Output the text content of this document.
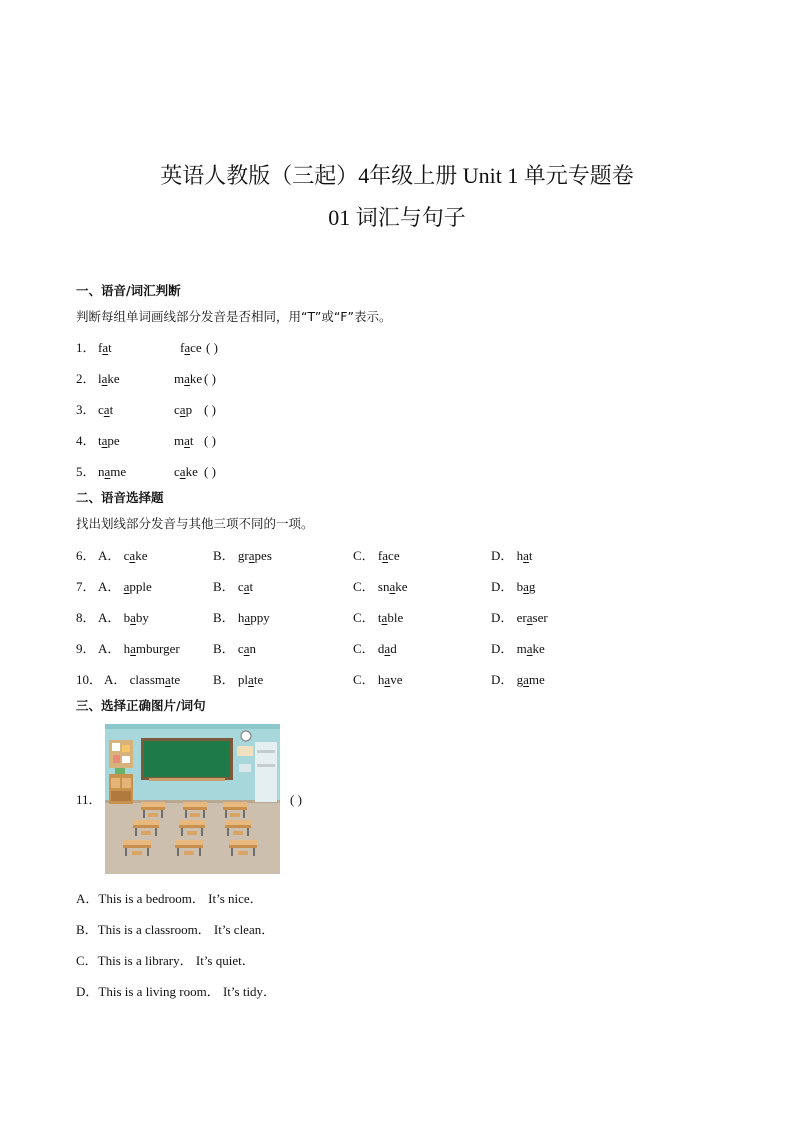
英语人教版（三起）4年级上册 Unit 1 单元专题卷
01 词汇与句子
一、语音/词汇判断
判断每组单词画线部分发音是否相同，用“T”或“F”表示。
1． fat	face ( )
2． lake	make ( )
3． cat	cap ( )
4． tape	mat ( )
5． name	cake ( )
二、语音选择题
找出划线部分发音与其他三项不同的一项。
6． A． cake	B． grapes	C． face	D． hat
7． A． apple	B． cat	C． snake	D． bag
8． A． baby	B． happy	C． table	D． eraser
9． A． hamburger	B． can	C． dad	D． make
10． A． classmate	B． plate	C． have	D． game
三、选择正确图片/词句
11．	( )
A．This is a bedroom． It’s nice．
B．This is a classroom． It’s clean．
C．This is a library． It’s quiet．
D．This is a living room． It’s tidy．
